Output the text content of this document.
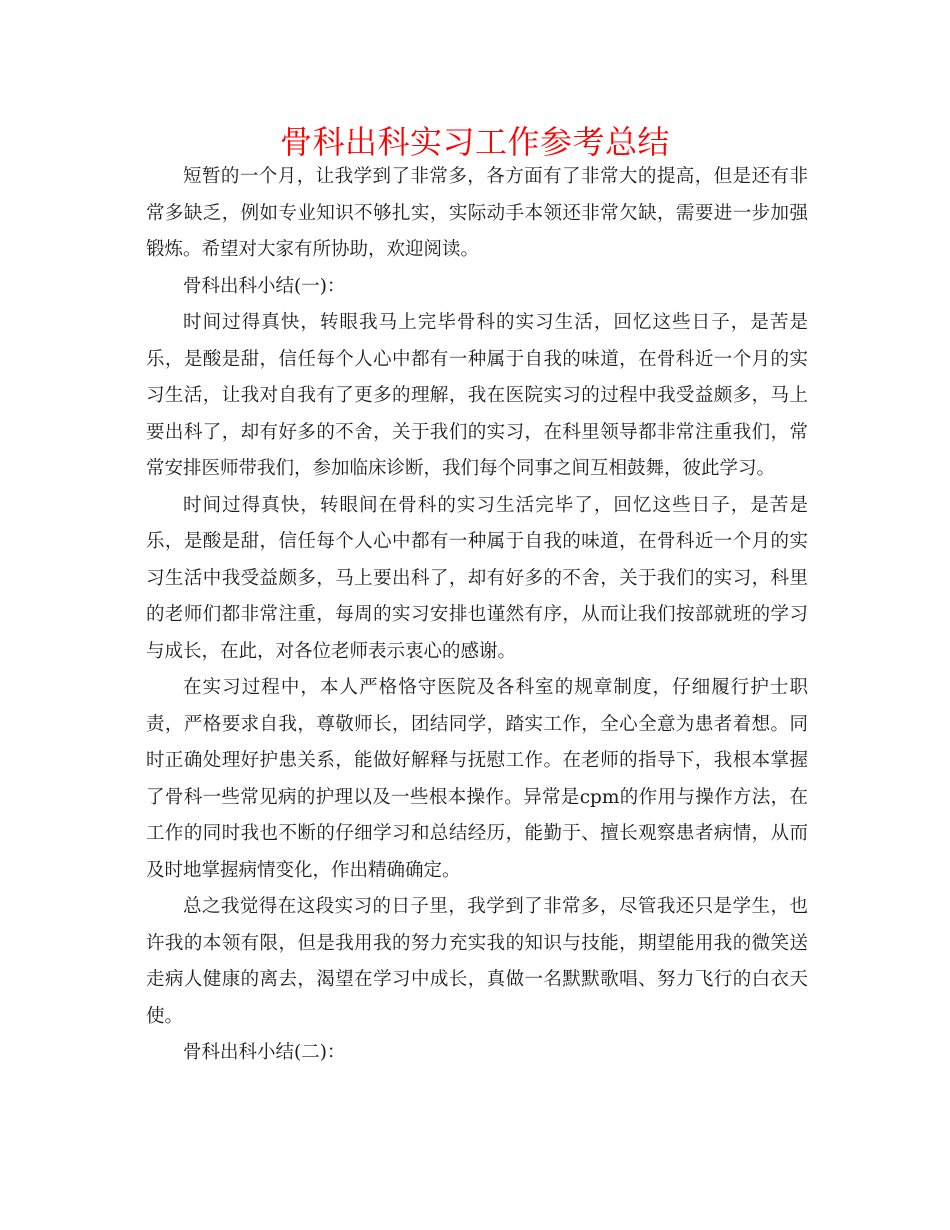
骨科出科实习工作参考总结

短暂的一个月，让我学到了非常多，各方面有了非常大的提高，但是还有非常多缺乏，例如专业知识不够扎实，实际动手本领还非常欠缺，需要进一步加强锻炼。希望对大家有所协助，欢迎阅读。

骨科出科小结(一)：

时间过得真快，转眼我马上完毕骨科的实习生活，回忆这些日子，是苦是乐，是酸是甜，信任每个人心中都有一种属于自我的味道，在骨科近一个月的实习生活，让我对自我有了更多的理解，我在医院实习的过程中我受益颇多，马上要出科了，却有好多的不舍，关于我们的实习，在科里领导都非常注重我们，常常安排医师带我们，参加临床诊断，我们每个同事之间互相鼓舞，彼此学习。

时间过得真快，转眼间在骨科的实习生活完毕了，回忆这些日子，是苦是乐，是酸是甜，信任每个人心中都有一种属于自我的味道，在骨科近一个月的实习生活中我受益颇多，马上要出科了，却有好多的不舍，关于我们的实习，科里的老师们都非常注重，每周的实习安排也谨然有序，从而让我们按部就班的学习与成长，在此，对各位老师表示衷心的感谢。

在实习过程中，本人严格恪守医院及各科室的规章制度，仔细履行护士职责，严格要求自我，尊敬师长，团结同学，踏实工作，全心全意为患者着想。同时正确处理好护患关系，能做好解释与抚慰工作。在老师的指导下，我根本掌握了骨科一些常见病的护理以及一些根本操作。异常是cpm的作用与操作方法，在工作的同时我也不断的仔细学习和总结经历，能勤于、擅长观察患者病情，从而及时地掌握病情变化，作出精确确定。

总之我觉得在这段实习的日子里，我学到了非常多，尽管我还只是学生，也许我的本领有限，但是我用我的努力充实我的知识与技能，期望能用我的微笑送走病人健康的离去，渴望在学习中成长，真做一名默默歌唱、努力飞行的白衣天使。

骨科出科小结(二)：
